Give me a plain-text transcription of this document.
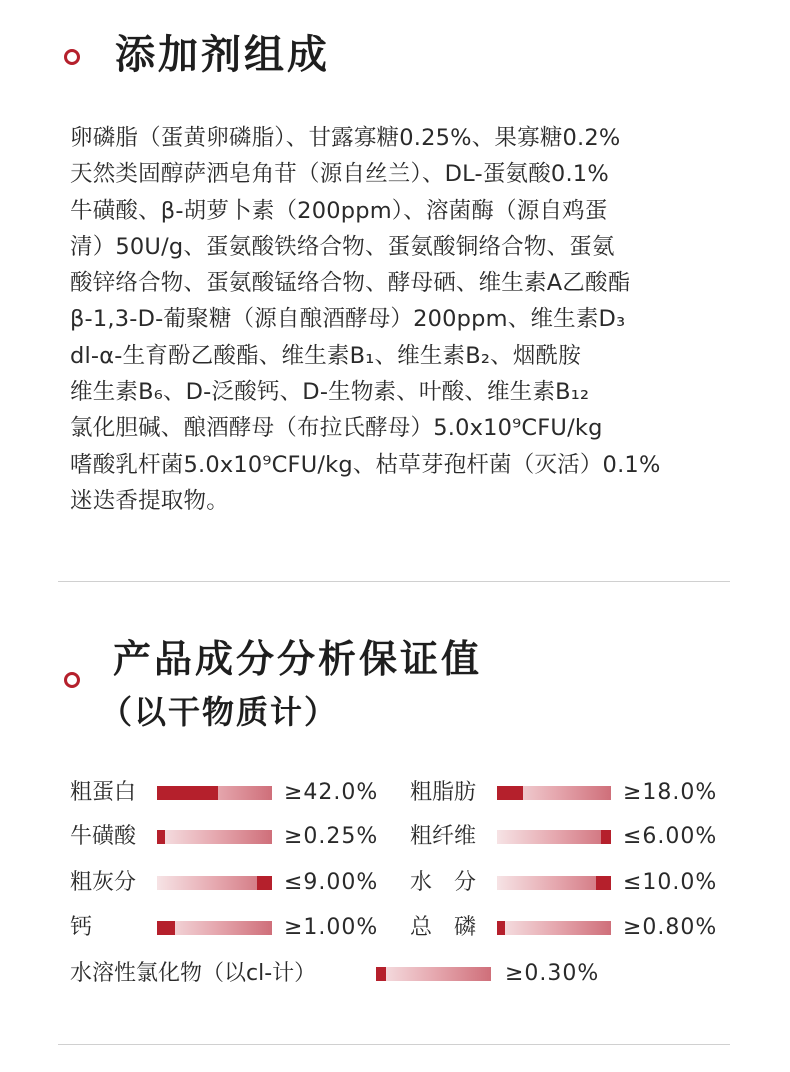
添加剂组成
卵磷脂（蛋黄卵磷脂）、甘露寡糖0.25%、果寡糖0.2%
天然类固醇萨洒皂角苷（源自丝兰）、DL-蛋氨酸0.1%
牛磺酸、β-胡萝卜素（200ppm）、溶菌酶（源自鸡蛋
清）50U/g、蛋氨酸铁络合物、蛋氨酸铜络合物、蛋氨
酸锌络合物、蛋氨酸锰络合物、酵母硒、维生素A乙酸酯
β-1,3-D-葡聚糖（源自酿酒酵母）200ppm、维生素D₃
dl-α-生育酚乙酸酯、维生素B₁、维生素B₂、烟酰胺
维生素B₆、D-泛酸钙、D-生物素、叶酸、维生素B₁₂
氯化胆碱、酿酒酵母（布拉氏酵母）5.0x10⁹CFU/kg
嗜酸乳杆菌5.0x10⁹CFU/kg、枯草芽孢杆菌（灭活）0.1%
迷迭香提取物。
产品成分分析保证值
（以干物质计）
粗蛋白	≥42.0% 粗脂肪	≥18.0%
牛磺酸	≥0.25% 粗纤维	≤6.00%
粗灰分	≤9.00% 水　分	≤10.0%
钙	≥1.00% 总　磷	≥0.80%
水溶性氯化物（以cl-计）	≥0.30%
